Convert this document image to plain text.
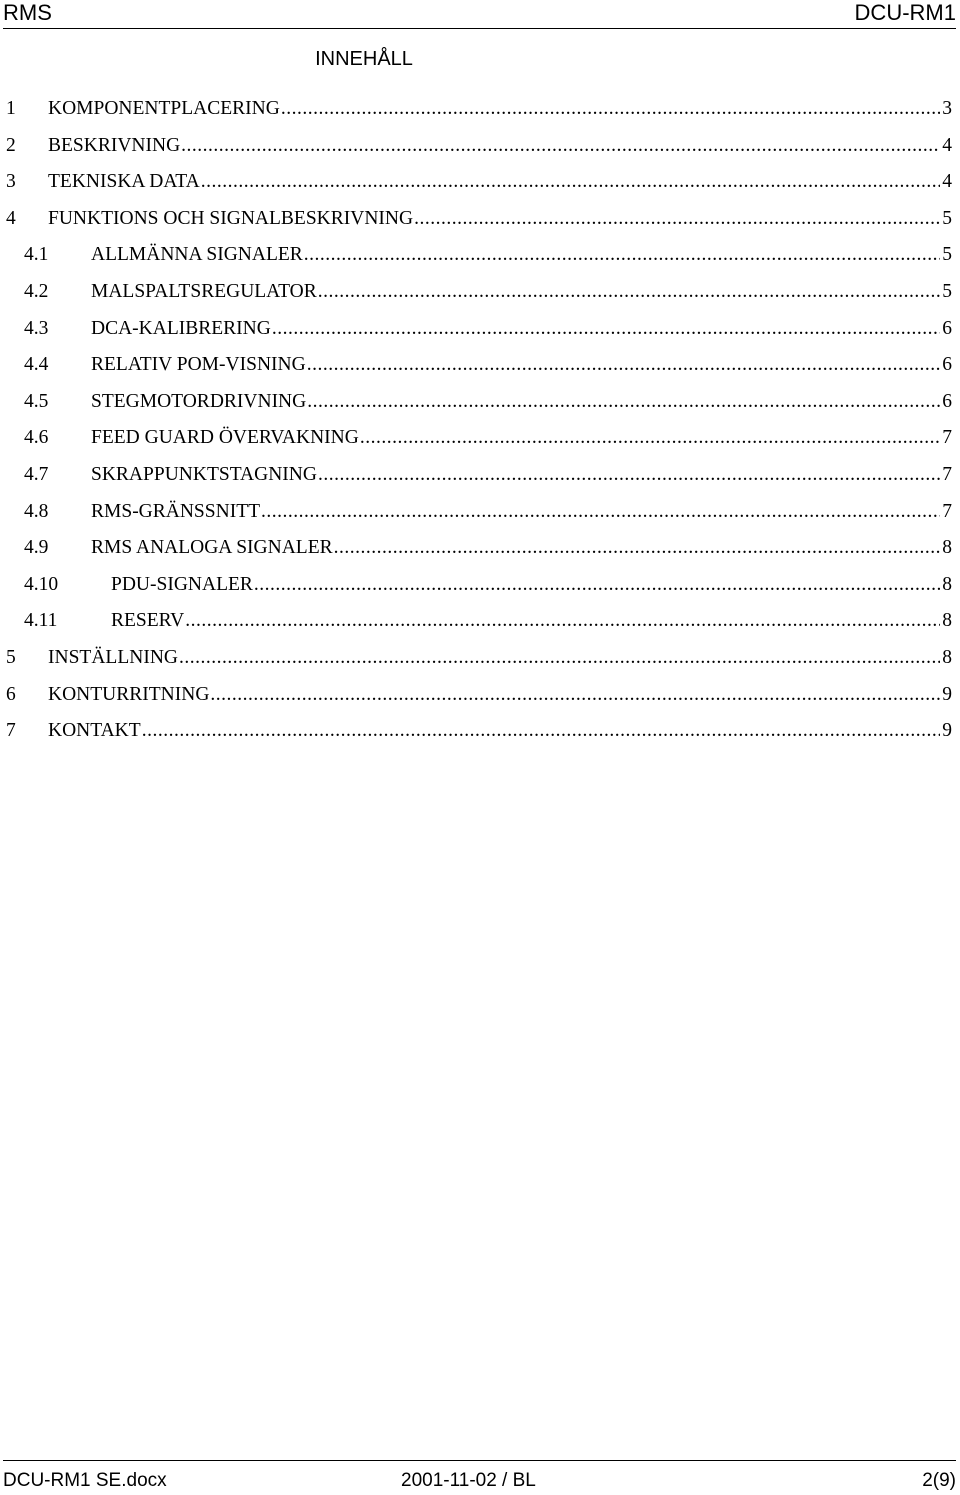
RMS	DCU-RM1
INNEHÅLL
1	KOMPONENTPLACERING .....	3
2	BESKRIVNING .....	4
3	TEKNISKA DATA .....	4
4	FUNKTIONS OCH SIGNALBESKRIVNING .....	5
4.1	ALLMÄNNA SIGNALER .....	5
4.2	MALSPALTSREGULATOR .....	5
4.3	DCA-KALIBRERING .....	6
4.4	RELATIV POM-VISNING .....	6
4.5	STEGMOTORDRIVNING .....	6
4.6	FEED GUARD ÖVERVAKNING .....	7
4.7	SKRAPPUNKTSTAGNING .....	7
4.8	RMS-GRÄNSSNITT .....	7
4.9	RMS ANALOGA SIGNALER .....	8
4.10	PDU-SIGNALER .....	8
4.11	RESERV .....	8
5	INSTÄLLNING .....	8
6	KONTURRITNING .....	9
7	KONTAKT .....	9
DCU-RM1 SE.docx	2001-11-02 / BL	2(9)
